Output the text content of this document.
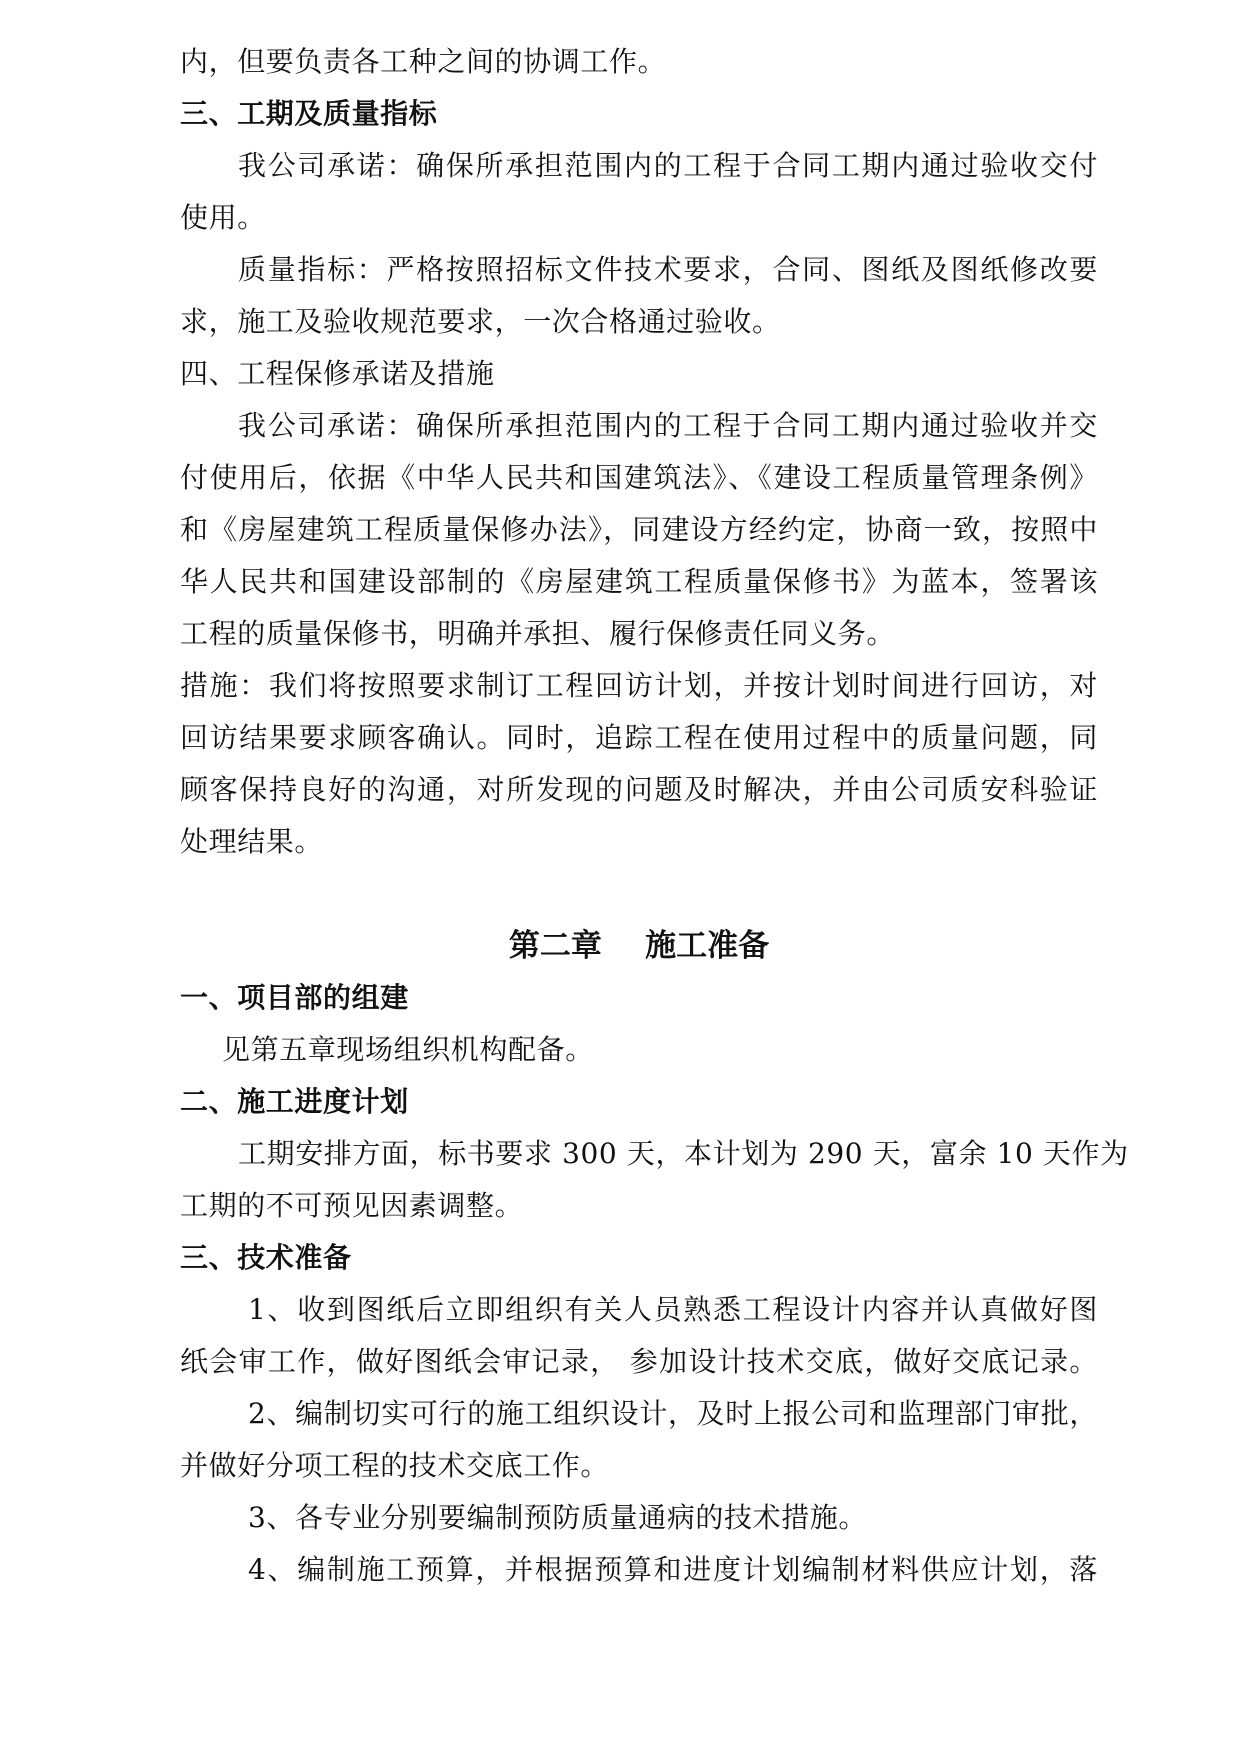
内，但要负责各工种之间的协调工作。
三、工期及质量指标
我公司承诺：确保所承担范围内的工程于合同工期内通过验收交付
使用。
质量指标：严格按照招标文件技术要求，合同、图纸及图纸修改要
求，施工及验收规范要求，一次合格通过验收。
四、工程保修承诺及措施
我公司承诺：确保所承担范围内的工程于合同工期内通过验收并交
付使用后，依据《中华人民共和国建筑法》、《建设工程质量管理条例》
和《房屋建筑工程质量保修办法》，同建设方经约定，协商一致，按照中
华人民共和国建设部制的《房屋建筑工程质量保修书》为蓝本，签署该
工程的质量保修书，明确并承担、履行保修责任同义务。
措施：我们将按照要求制订工程回访计划，并按计划时间进行回访，对
回访结果要求顾客确认。同时，追踪工程在使用过程中的质量问题，同
顾客保持良好的沟通，对所发现的问题及时解决，并由公司质安科验证
处理结果。
第二章    施工准备
一、项目部的组建
见第五章现场组织机构配备。
二、施工进度计划
工期安排方面，标书要求 300 天，本计划为 290 天，富余 10 天作为
工期的不可预见因素调整。
三、技术准备
1、收到图纸后立即组织有关人员熟悉工程设计内容并认真做好图
纸会审工作，做好图纸会审记录， 参加设计技术交底，做好交底记录。
2、编制切实可行的施工组织设计，及时上报公司和监理部门审批，
并做好分项工程的技术交底工作。
3、各专业分别要编制预防质量通病的技术措施。
4、编制施工预算，并根据预算和进度计划编制材料供应计划，落
